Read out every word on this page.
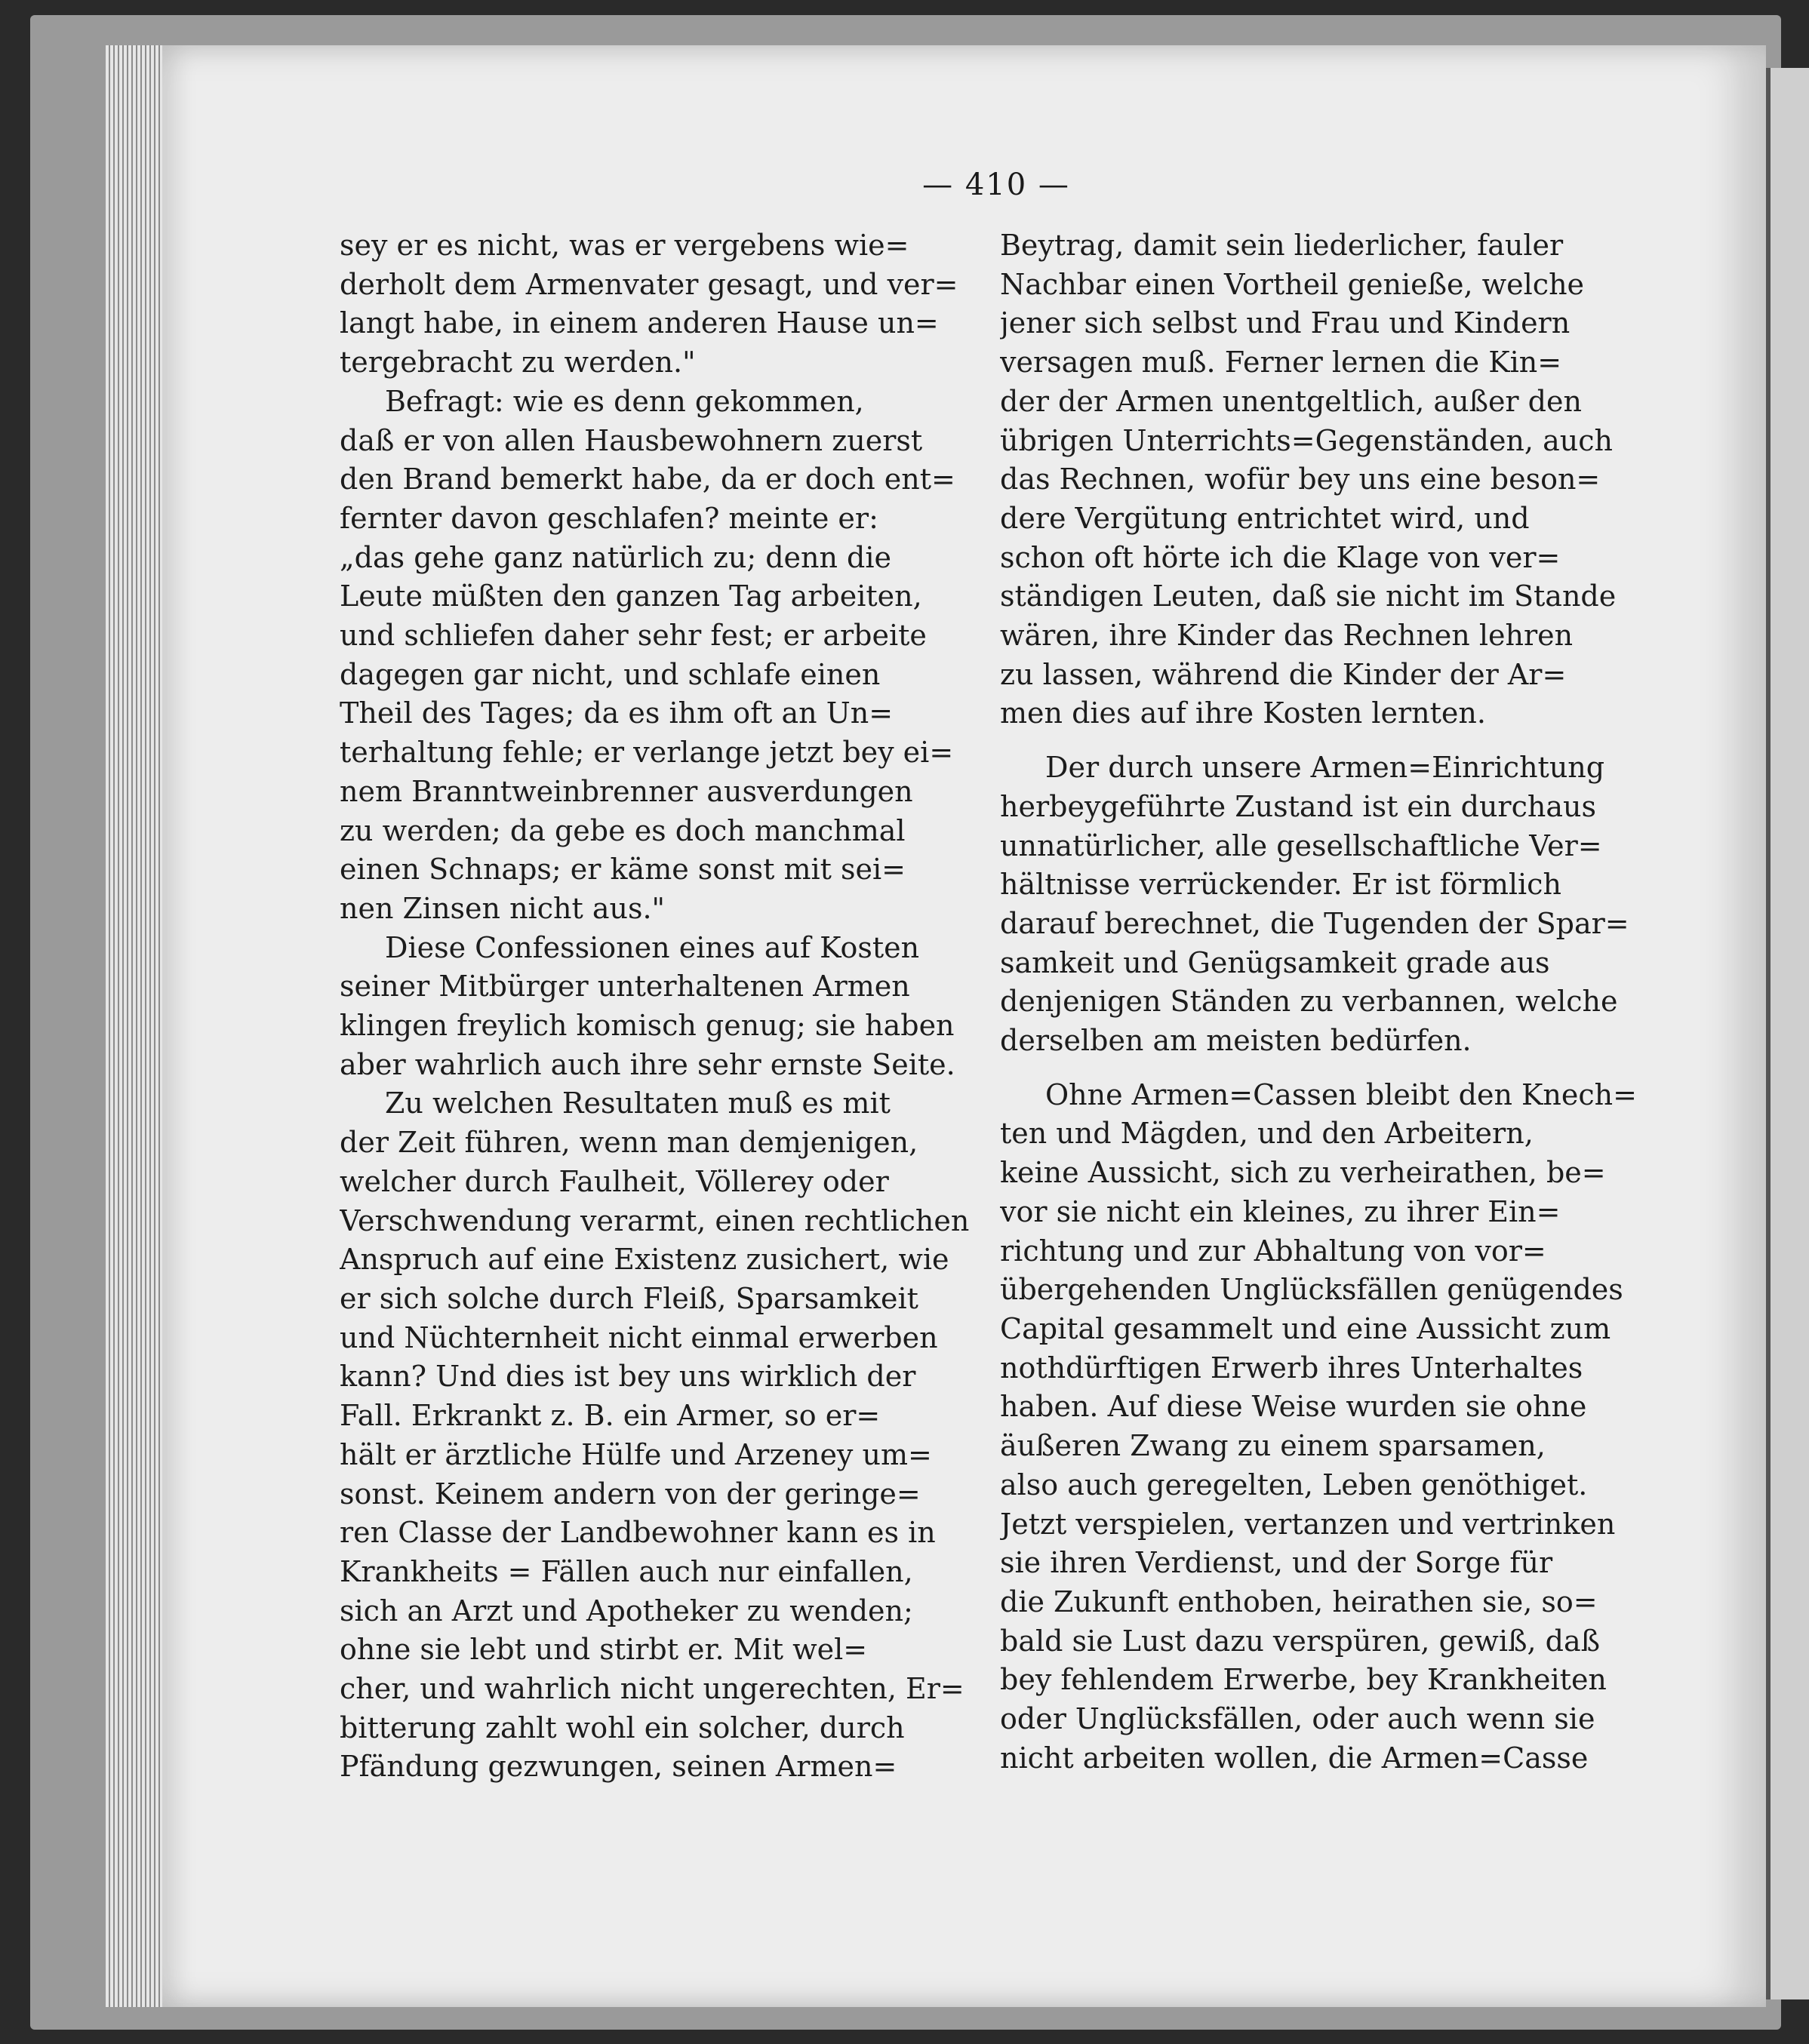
— 410 —
sey er es nicht, was er vergebens wie=
derholt dem Armenvater gesagt, und ver=
langt habe, in einem anderen Hause un=
tergebracht zu werden."
Befragt: wie es denn gekommen,
daß er von allen Hausbewohnern zuerst
den Brand bemerkt habe, da er doch ent=
fernter davon geschlafen? meinte er:
„das gehe ganz natürlich zu; denn die
Leute müßten den ganzen Tag arbeiten,
und schliefen daher sehr fest; er arbeite
dagegen gar nicht, und schlafe einen
Theil des Tages; da es ihm oft an Un=
terhaltung fehle; er verlange jetzt bey ei=
nem Branntweinbrenner ausverdungen
zu werden; da gebe es doch manchmal
einen Schnaps; er käme sonst mit sei=
nen Zinsen nicht aus."
Diese Confessionen eines auf Kosten
seiner Mitbürger unterhaltenen Armen
klingen freylich komisch genug; sie haben
aber wahrlich auch ihre sehr ernste Seite.
Zu welchen Resultaten muß es mit
der Zeit führen, wenn man demjenigen,
welcher durch Faulheit, Völlerey oder
Verschwendung verarmt, einen rechtlichen
Anspruch auf eine Existenz zusichert, wie
er sich solche durch Fleiß, Sparsamkeit
und Nüchternheit nicht einmal erwerben
kann? Und dies ist bey uns wirklich der
Fall. Erkrankt z. B. ein Armer, so er=
hält er ärztliche Hülfe und Arzeney um=
sonst. Keinem andern von der geringe=
ren Classe der Landbewohner kann es in
Krankheits = Fällen auch nur einfallen,
sich an Arzt und Apotheker zu wenden;
ohne sie lebt und stirbt er. Mit wel=
cher, und wahrlich nicht ungerechten, Er=
bitterung zahlt wohl ein solcher, durch
Pfändung gezwungen, seinen Armen=
Beytrag, damit sein liederlicher, fauler
Nachbar einen Vortheil genieße, welche
jener sich selbst und Frau und Kindern
versagen muß. Ferner lernen die Kin=
der der Armen unentgeltlich, außer den
übrigen Unterrichts=Gegenständen, auch
das Rechnen, wofür bey uns eine beson=
dere Vergütung entrichtet wird, und
schon oft hörte ich die Klage von ver=
ständigen Leuten, daß sie nicht im Stande
wären, ihre Kinder das Rechnen lehren
zu lassen, während die Kinder der Ar=
men dies auf ihre Kosten lernten.
Der durch unsere Armen=Einrichtung
herbeygeführte Zustand ist ein durchaus
unnatürlicher, alle gesellschaftliche Ver=
hältnisse verrückender. Er ist förmlich
darauf berechnet, die Tugenden der Spar=
samkeit und Genügsamkeit grade aus
denjenigen Ständen zu verbannen, welche
derselben am meisten bedürfen.
Ohne Armen=Cassen bleibt den Knech=
ten und Mägden, und den Arbeitern,
keine Aussicht, sich zu verheirathen, be=
vor sie nicht ein kleines, zu ihrer Ein=
richtung und zur Abhaltung von vor=
übergehenden Unglücksfällen genügendes
Capital gesammelt und eine Aussicht zum
nothdürftigen Erwerb ihres Unterhaltes
haben. Auf diese Weise wurden sie ohne
äußeren Zwang zu einem sparsamen,
also auch geregelten, Leben genöthiget.
Jetzt verspielen, vertanzen und vertrinken
sie ihren Verdienst, und der Sorge für
die Zukunft enthoben, heirathen sie, so=
bald sie Lust dazu verspüren, gewiß, daß
bey fehlendem Erwerbe, bey Krankheiten
oder Unglücksfällen, oder auch wenn sie
nicht arbeiten wollen, die Armen=Casse
